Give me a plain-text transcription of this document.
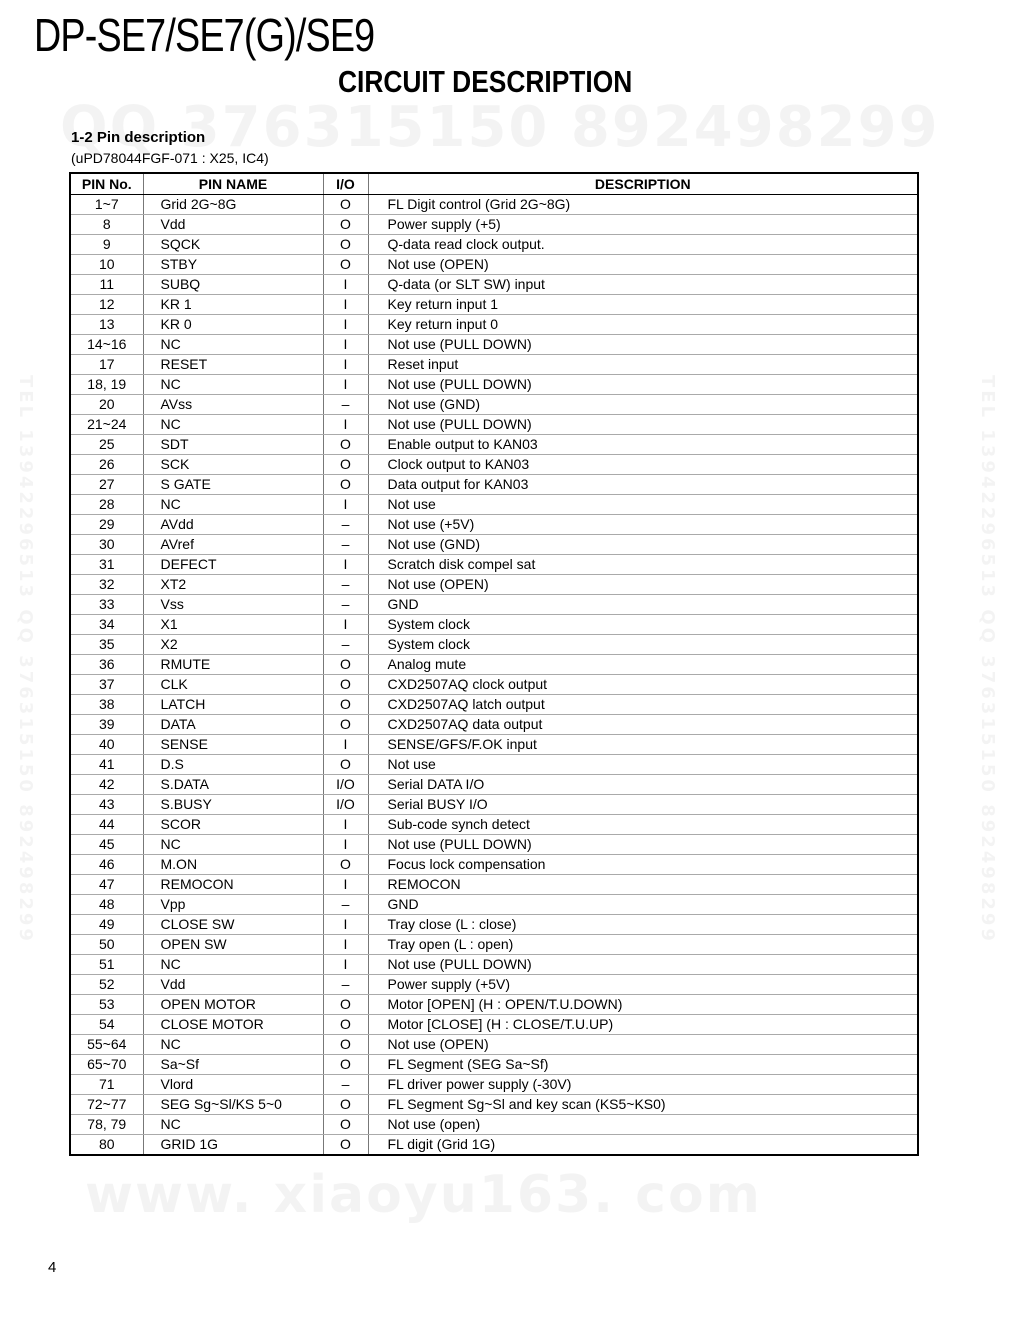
DP-SE7/SE7(G)/SE9
CIRCUIT DESCRIPTION
1-2 Pin description
(uPD78044FGF-071 : X25, IC4)
PIN No.	PIN NAME	I/O	DESCRIPTION
1~7	Grid 2G~8G	O	FL Digit control (Grid 2G~8G)
8	Vdd	O	Power supply (+5)
9	SQCK	O	Q-data read clock output.
10	STBY	O	Not use (OPEN)
11	SUBQ	I	Q-data (or SLT SW) input
12	KR 1	I	Key return input 1
13	KR 0	I	Key return input 0
14~16	NC	I	Not use (PULL DOWN)
17	RESET	I	Reset input
18, 19	NC	I	Not use (PULL DOWN)
20	AVss	–	Not use (GND)
21~24	NC	I	Not use (PULL DOWN)
25	SDT	O	Enable output to KAN03
26	SCK	O	Clock output to KAN03
27	S GATE	O	Data output for KAN03
28	NC	I	Not use
29	AVdd	–	Not use (+5V)
30	AVref	–	Not use (GND)
31	DEFECT	I	Scratch disk compel sat
32	XT2	–	Not use (OPEN)
33	Vss	–	GND
34	X1	I	System clock
35	X2	–	System clock
36	RMUTE	O	Analog mute
37	CLK	O	CXD2507AQ clock output
38	LATCH	O	CXD2507AQ latch output
39	DATA	O	CXD2507AQ data output
40	SENSE	I	SENSE/GFS/F.OK input
41	D.S	O	Not use
42	S.DATA	I/O	Serial DATA I/O
43	S.BUSY	I/O	Serial BUSY I/O
44	SCOR	I	Sub-code synch detect
45	NC	I	Not use (PULL DOWN)
46	M.ON	O	Focus lock compensation
47	REMOCON	I	REMOCON
48	Vpp	–	GND
49	CLOSE SW	I	Tray close (L : close)
50	OPEN SW	I	Tray open (L : open)
51	NC	I	Not use (PULL DOWN)
52	Vdd	–	Power supply (+5V)
53	OPEN MOTOR	O	Motor [OPEN] (H : OPEN/T.U.DOWN)
54	CLOSE MOTOR	O	Motor [CLOSE] (H : CLOSE/T.U.UP)
55~64	NC	O	Not use (OPEN)
65~70	Sa~Sf	O	FL Segment (SEG Sa~Sf)
71	Vlord	–	FL driver power supply (-30V)
72~77	SEG Sg~Sl/KS 5~0	O	FL Segment Sg~Sl and key scan (KS5~KS0)
78, 79	NC	O	Not use (open)
80	GRID 1G	O	FL digit (Grid 1G)
4
